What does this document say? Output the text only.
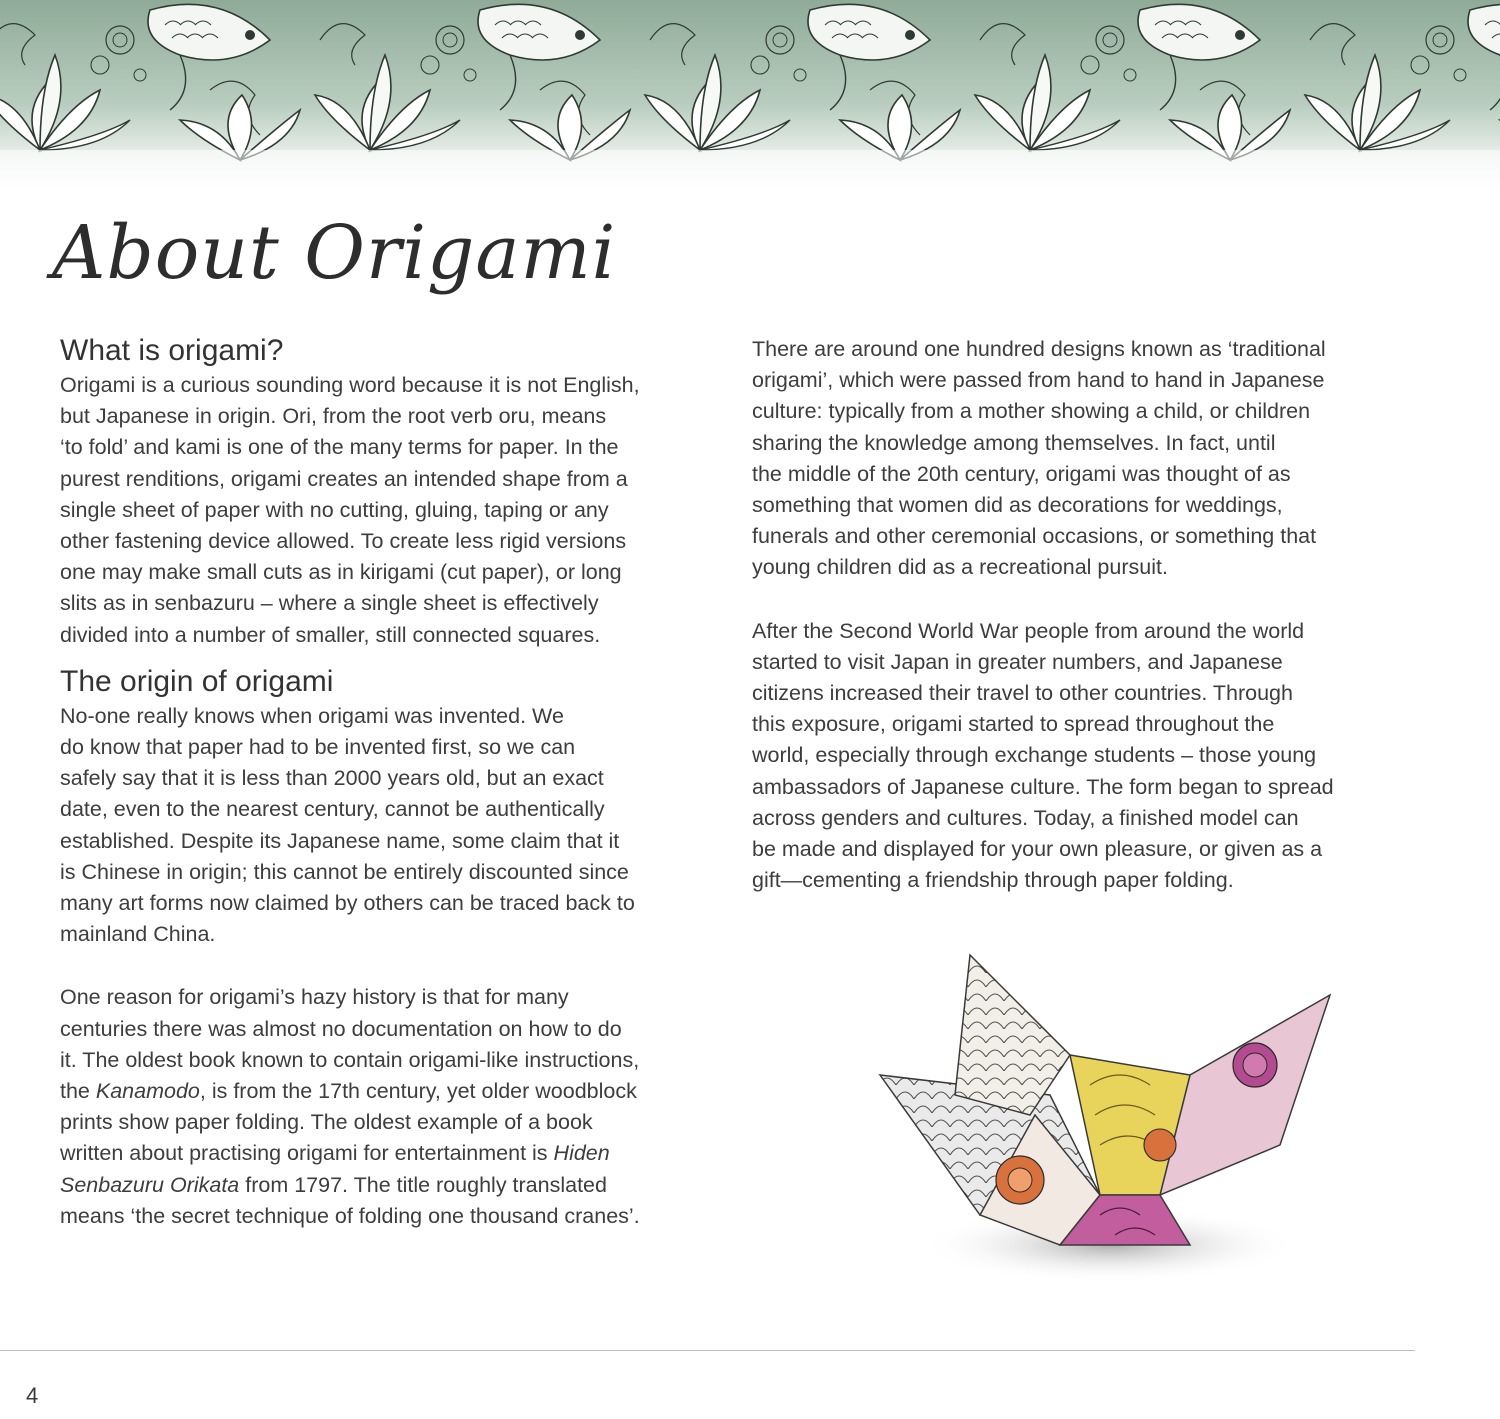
About Origami
What is origami?

Origami is a curious sounding word because it is not English,
but Japanese in origin. Ori, from the root verb oru, means
‘to fold’ and kami is one of the many terms for paper. In the
purest renditions, origami creates an intended shape from a
single sheet of paper with no cutting, gluing, taping or any
other fastening device allowed. To create less rigid versions
one may make small cuts as in kirigami (cut paper), or long
slits as in senbazuru – where a single sheet is effectively
divided into a number of smaller, still connected squares.

The origin of origami

No-one really knows when origami was invented. We
do know that paper had to be invented first, so we can
safely say that it is less than 2000 years old, but an exact
date, even to the nearest century, cannot be authentically
established. Despite its Japanese name, some claim that it
is Chinese in origin; this cannot be entirely discounted since
many art forms now claimed by others can be traced back to
mainland China.

One reason for origami’s hazy history is that for many
centuries there was almost no documentation on how to do
it. The oldest book known to contain origami-like instructions,
the Kanamodo, is from the 17th century, yet older woodblock
prints show paper folding. The oldest example of a book
written about practising origami for entertainment is Hiden
Senbazuru Orikata from 1797. The title roughly translated
means ‘the secret technique of folding one thousand cranes’.

There are around one hundred designs known as ‘traditional
origami’, which were passed from hand to hand in Japanese
culture: typically from a mother showing a child, or children
sharing the knowledge among themselves. In fact, until
the middle of the 20th century, origami was thought of as
something that women did as decorations for weddings,
funerals and other ceremonial occasions, or something that
young children did as a recreational pursuit.

After the Second World War people from around the world
started to visit Japan in greater numbers, and Japanese
citizens increased their travel to other countries. Through
this exposure, origami started to spread throughout the
world, especially through exchange students – those young
ambassadors of Japanese culture. The form began to spread
across genders and cultures. Today, a finished model can
be made and displayed for your own pleasure, or given as a
gift—cementing a friendship through paper folding.

4
